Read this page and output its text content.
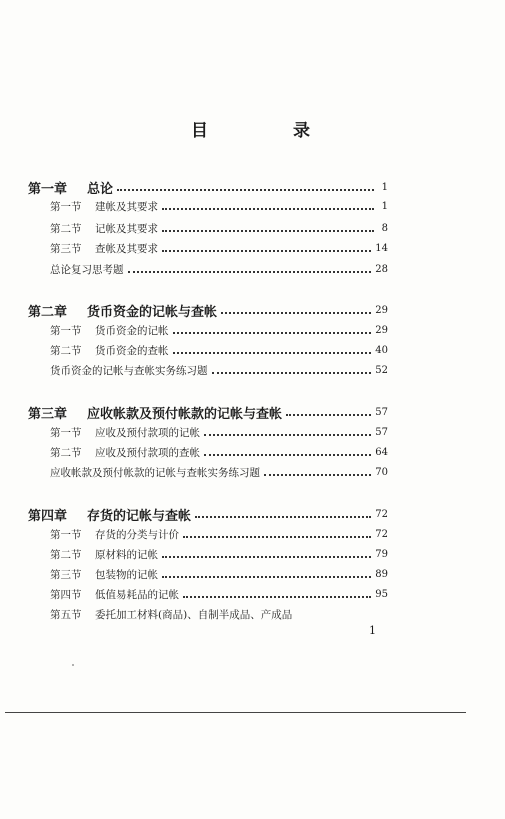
目　录
第一章 总论	1
第一节	建帐及其要求	1
第二节	记帐及其要求	8
第三节	查帐及其要求	14
总论复习思考题	28
第二章 货币资金的记帐与查帐	29
第一节	货币资金的记帐	29
第二节	货币资金的查帐	40
货币资金的记帐与查帐实务练习题	52
第三章 应收帐款及预付帐款的记帐与查帐	57
第一节	应收及预付款项的记帐	57
第二节	应收及预付款项的查帐	64
应收帐款及预付帐款的记帐与查帐实务练习题	70
第四章 存货的记帐与查帐	72
第一节	存货的分类与计价	72
第二节	原材料的记帐	79
第三节	包装物的记帐	89
第四节	低值易耗品的记帐	95
第五节	委托加工材料(商品)、自制半成品、产成品
1
